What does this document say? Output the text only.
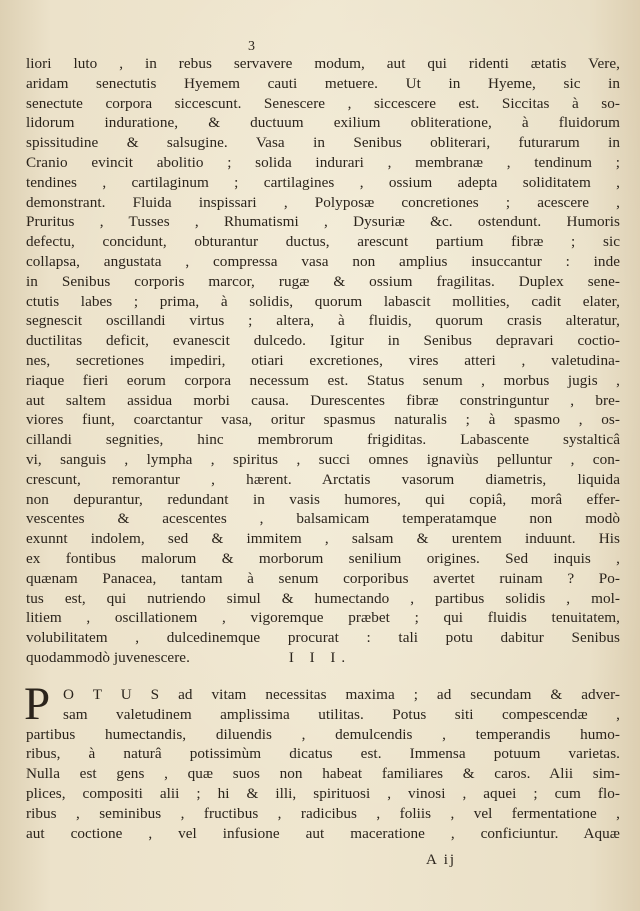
3
liori luto , in rebus servavere modum, aut qui ridenti ætatis Vere,
aridam senectutis Hyemem cauti metuere. Ut in Hyeme, sic in
senectute corpora siccescunt. Senescere , siccescere est. Siccitas à so-
lidorum induratione, & ductuum exilium obliteratione, à fluidorum
spissitudine & salsugine. Vasa in Senibus obliterari, futurarum in
Cranio evincit abolitio ; solida indurari , membranæ , tendinum ;
tendines , cartilaginum ; cartilagines , ossium adepta soliditatem ,
demonstrant. Fluida inspissari , Polyposæ concretiones ; acescere ,
Pruritus , Tusses , Rhumatismi , Dysuriæ &c. ostendunt. Humoris
defectu, concidunt, obturantur ductus, arescunt partium fibræ ; sic
collapsa, angustata , compressa vasa non amplius insuccantur : inde
in Senibus corporis marcor, rugæ & ossium fragilitas. Duplex sene-
ctutis labes ; prima, à solidis, quorum labascit mollities, cadit elater,
segnescit oscillandi virtus ; altera, à fluidis, quorum crasis alteratur,
ductilitas deficit, evanescit dulcedo. Igitur in Senibus depravari coctio-
nes, secretiones impediri, otiari excretiones, vires atteri , valetudina-
riaque fieri eorum corpora necessum est. Status senum , morbus jugis ,
aut saltem assidua morbi causa. Durescentes fibræ constringuntur , bre-
viores fiunt, coarctantur vasa, oritur spasmus naturalis ; à spasmo , os-
cillandi segnities, hinc membrorum frigiditas. Labascente systalticâ
vi, sanguis , lympha , spiritus , succi omnes ignaviùs pelluntur , con-
crescunt, remorantur , hærent. Arctatis vasorum diametris, liquida
non depurantur, redundant in vasis humores, qui copiâ, morâ effer-
vescentes & acescentes , balsamicam temperatamque non modò
exunnt indolem, sed & immitem , salsam & urentem induunt. His
ex fontibus malorum & morborum senilium origines. Sed inquis ,
quænam Panacea, tantam à senum corporibus avertet ruinam ? Po-
tus est, qui nutriendo simul & humectando , partibus solidis , mol-
litiem , oscillationem , vigoremque præbet ; qui fluidis tenuitatem,
volubilitatem , dulcedinemque procurat : tali potu dabitur Senibus
quodammodò juvenescere.	I I I.
P O T U S ad vitam necessitas maxima ; ad secundam & adver-
sam valetudinem amplissima utilitas. Potus siti compescendæ ,
partibus humectandis, diluendis , demulcendis , temperandis humo-
ribus, à naturâ potissimùm dicatus est. Immensa potuum varietas.
Nulla est gens , quæ suos non habeat familiares & caros. Alii sim-
plices, compositi alii ; hi & illi, spirituosi , vinosi , aquei ; cum flo-
ribus , seminibus , fructibus , radicibus , foliis , vel fermentatione ,
aut coctione , vel infusione aut maceratione , conficiuntur. Aquæ
A ij
